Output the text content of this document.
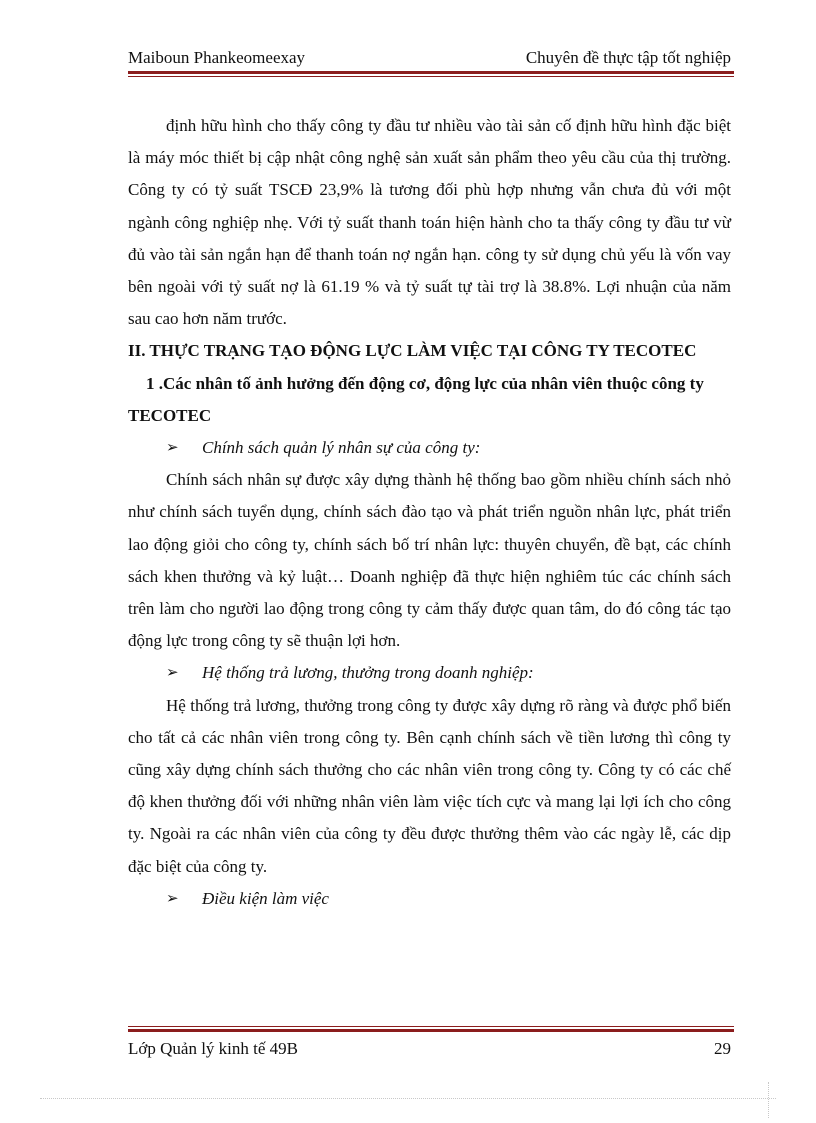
Maiboun Phankeomeexay	Chuyên đề thực tập tốt nghiệp

định hữu hình cho thấy công ty đầu tư nhiều vào tài sản cố định hữu hình đặc biệt là máy móc thiết bị cập nhật công nghệ sản xuất sản phẩm theo yêu cầu của thị trường. Công ty có tỷ suất TSCĐ 23,9% là tương đối phù hợp nhưng vẫn chưa đủ với một ngành công nghiệp nhẹ. Với tỷ suất thanh toán hiện hành cho ta thấy công ty đầu tư vừ đủ vào tài sản ngắn hạn để thanh toán nợ ngắn hạn. công ty sử dụng chủ yếu là vốn vay bên ngoài với tỷ suất nợ là 61.19 % và tỷ suất tự tài trợ là 38.8%. Lợi nhuận của năm sau cao hơn năm trước.

II. THỰC TRẠNG TẠO ĐỘNG LỰC LÀM VIỆC TẠI CÔNG TY TECOTEC

1 .Các nhân tố ảnh hưởng đến động cơ, động lực của nhân viên thuộc công ty TECOTEC

➢	Chính sách quản lý nhân sự của công ty:

Chính sách nhân sự được xây dựng thành hệ thống bao gồm nhiều chính sách nhỏ như chính sách tuyển dụng, chính sách đào tạo và phát triển nguồn nhân lực, phát triển lao động giỏi cho công ty, chính sách bố trí nhân lực: thuyên chuyển, đề bạt, các chính sách khen thưởng và kỷ luật… Doanh nghiệp đã thực hiện nghiêm túc các chính sách trên làm cho người lao động trong công ty cảm thấy được quan tâm, do đó công tác tạo động lực trong công ty sẽ thuận lợi hơn.

➢	Hệ thống trả lương, thưởng trong doanh nghiệp:

Hệ thống trả lương, thưởng trong công ty được xây dựng rõ ràng và được phổ biến cho tất cả các nhân viên trong công ty. Bên cạnh chính sách về tiền lương thì công ty cũng xây dựng chính sách thưởng cho các nhân viên trong công ty. Công ty có các chế độ khen thưởng đối với những nhân viên làm việc tích cực và mang lại lợi ích cho công ty. Ngoài ra các nhân viên của công ty đều được thưởng thêm vào các ngày lễ, các dịp đặc biệt của công ty.

➢	Điều kiện làm việc

Lớp Quản lý kinh tế 49B	29
